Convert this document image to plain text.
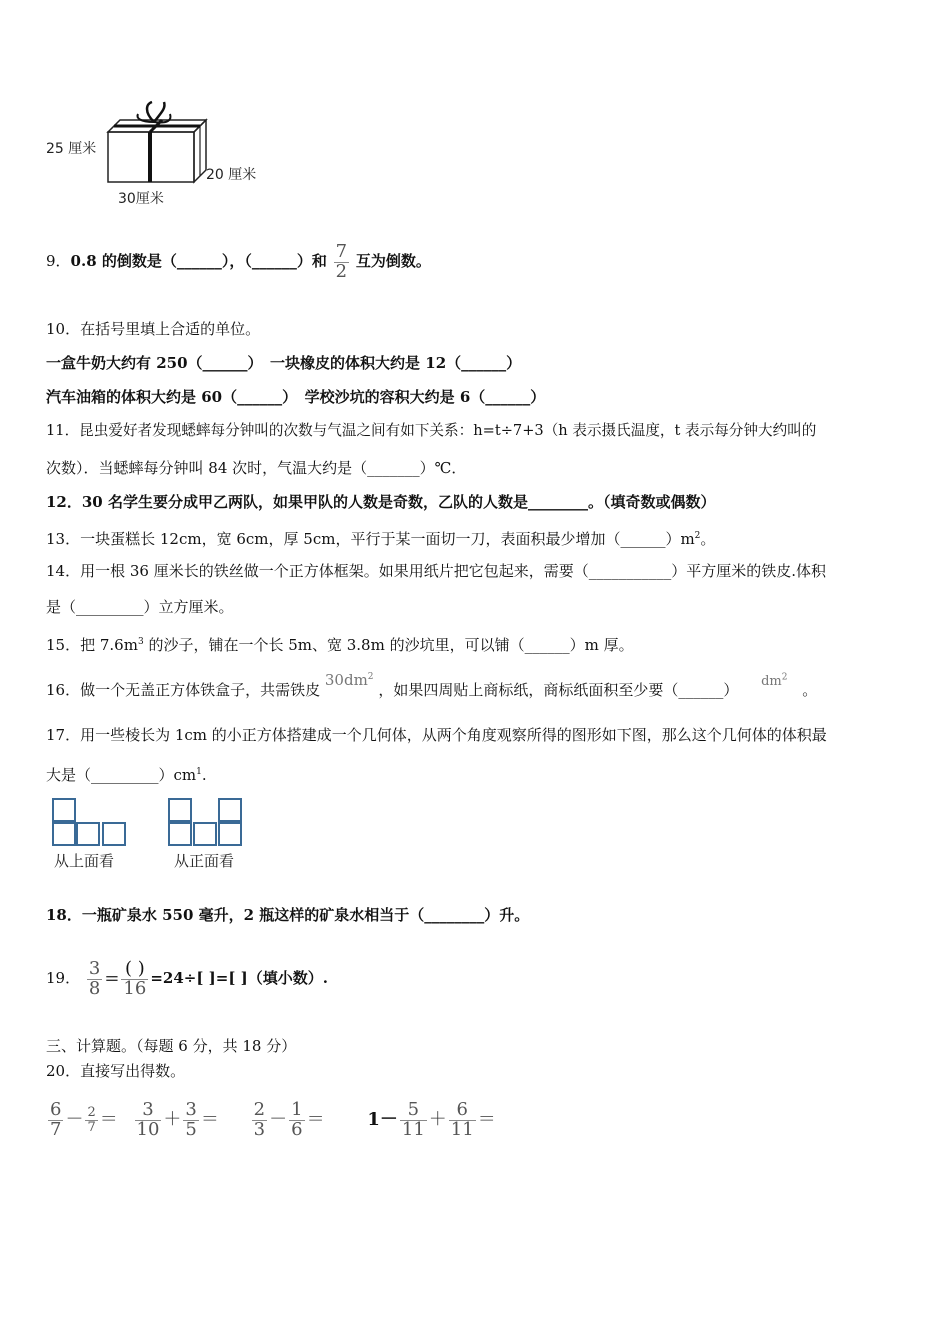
25 厘米
20 厘米
30厘米
9．0.8 的倒数是（______），（______）和 $\frac{7}{2}$ 互为倒数。
10．在括号里填上合适的单位。
一盒牛奶大约有 250（______）　一块橡皮的体积大约是 12（______）
汽车油箱的体积大约是 60（______）　学校沙坑的容积大约是 6（______）
11．昆虫爱好者发现蟋蟀每分钟叫的次数与气温之间有如下关系：h=t÷7+3（h 表示摄氏温度，t 表示每分钟大约叫的
次数）．当蟋蟀每分钟叫 84 次时，气温大约是（_______）℃．
12．30 名学生要分成甲乙两队，如果甲队的人数是奇数，乙队的人数是________。（填奇数或偶数）
13．一块蛋糕长 12cm，宽 6cm，厚 5cm，平行于某一面切一刀，表面积最少增加$(\_\_\_\_\_\_)m^2$。
14．用一根 36 厘米长的铁丝做一个正方体框架。如果用纸片把它包起来，需要（___________）平方厘米的铁皮.体积
是（_________）立方厘米。
15．把 $7.6m^3$ 的沙子，铺在一个长 5m、宽 3.8m 的沙坑里，可以铺（______）m 厚。
16．做一个无盖正方体铁盒子，共需铁皮 $30dm^2$ ，如果四周贴上商标纸，商标纸面积至少要（______） $dm^2$ 。
17．用一些棱长为 1cm 的小正方体搭建成一个几何体，从两个角度观察所得的图形如下图，那么这个几何体的体积最
大是$(\_\_\_\_\_\_\_\_\_)cm^1$.
从上面看	从正面看
18．一瓶矿泉水 550 毫升，2 瓶这样的矿泉水相当于（________）升。
19． $\frac{3}{8} = \frac{( )}{16} =24\div$[ ]=[ ]（填小数）.
三、计算题。（每题 6 分，共 18 分）
20．直接写出得数。
$\frac{6}{7} - \frac{2}{7} = \frac{3}{10} + \frac{3}{5} = \frac{2}{3} - \frac{1}{6} = 1- \frac{5}{11} + \frac{6}{11}$ ＝
